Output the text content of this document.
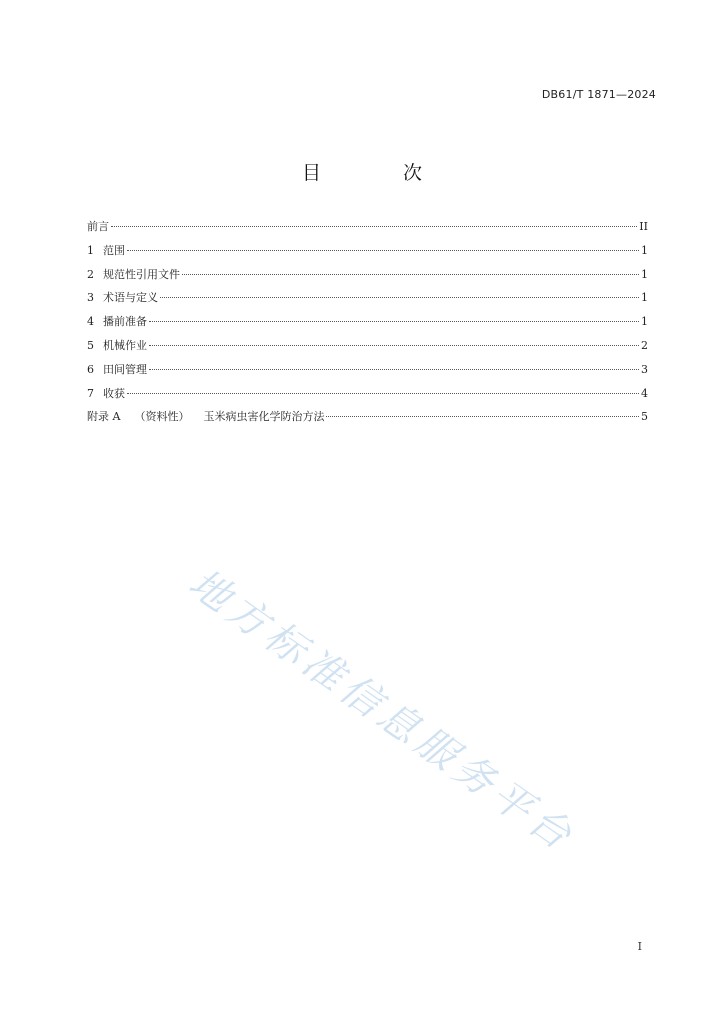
DB61/T 1871—2024
目 次
前言	II
1 范围	1
2 规范性引用文件	1
3 术语与定义	1
4 播前准备	1
5 机械作业	2
6 田间管理	3
7 收获	4
附录 A （资料性） 玉米病虫害化学防治方法	5
地方标准信息服务平台
I
